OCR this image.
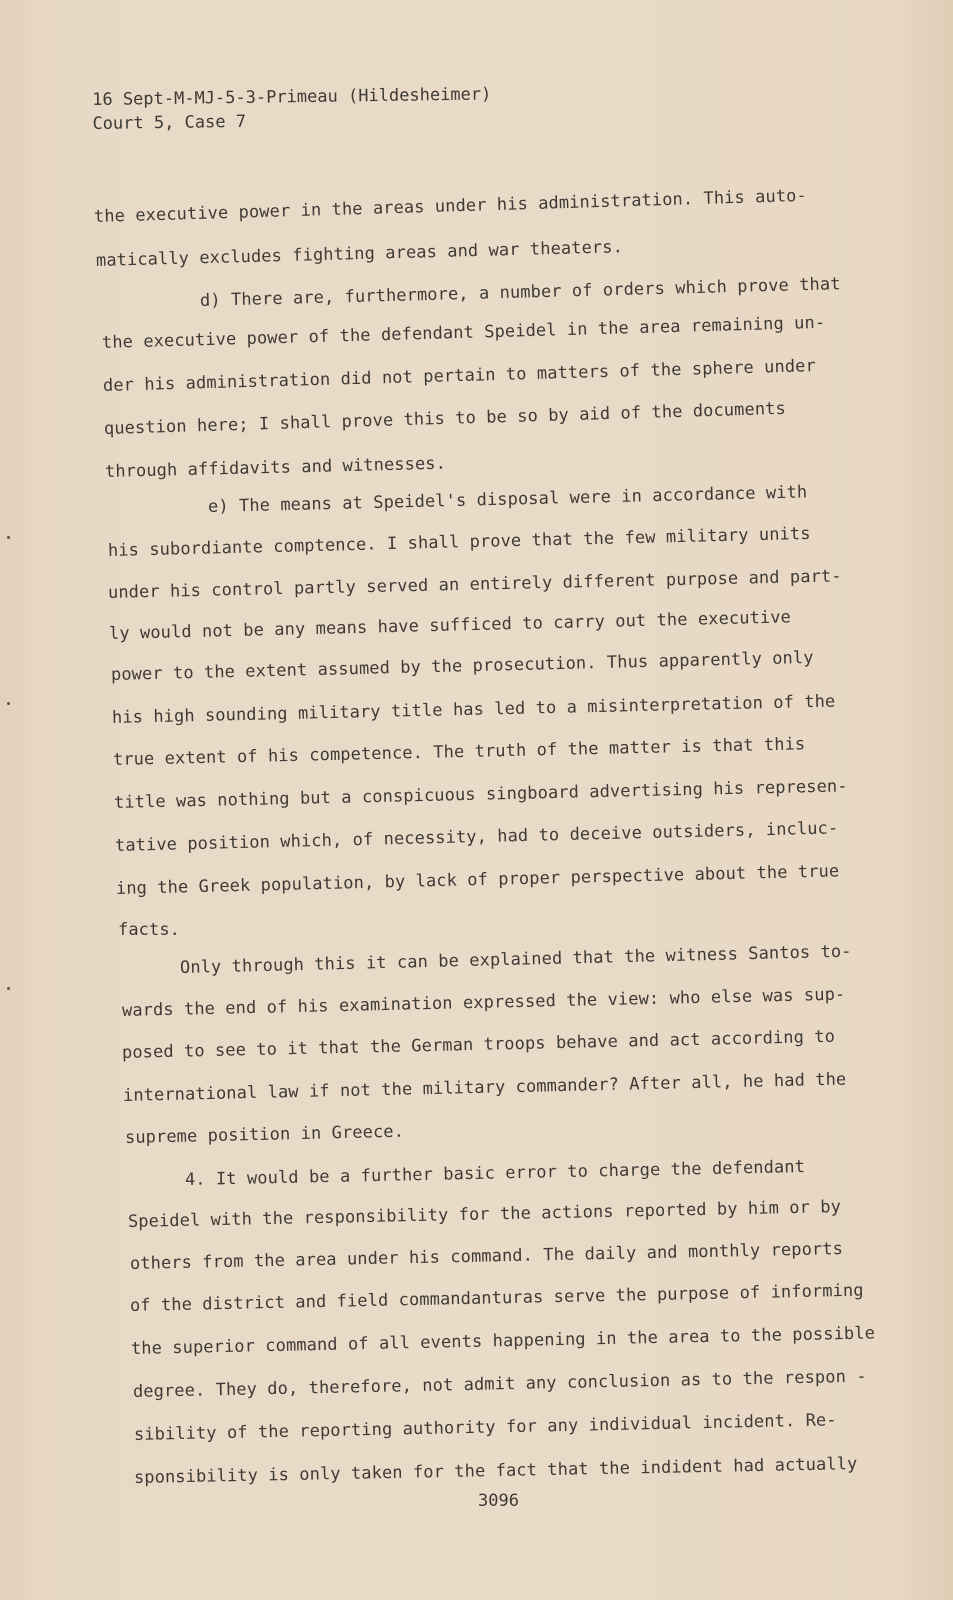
16 Sept-M-MJ-5-3-Primeau (Hildesheimer)
Court 5, Case 7
the executive power in the areas under his administration. This auto-
matically excludes fighting areas and war theaters.
d) There are, furthermore, a number of orders which prove that
the executive power of the defendant Speidel in the area remaining un-
der his administration did not pertain to matters of the sphere under
question here; I shall prove this to be so by aid of the documents
through affidavits and witnesses.
e) The means at Speidel's disposal were in accordance with
his subordiante comptence. I shall prove that the few military units
under his control partly served an entirely different purpose and part-
ly would not be any means have sufficed to carry out the executive
power to the extent assumed by the prosecution. Thus apparently only
his high sounding military title has led to a misinterpretation of the
true extent of his competence. The truth of the matter is that this
title was nothing but a conspicuous singboard advertising his represen-
tative position which, of necessity, had to deceive outsiders, incluc-
ing the Greek population, by lack of proper perspective about the true
facts.
Only through this it can be explained that the witness Santos to-
wards the end of his examination expressed the view: who else was sup-
posed to see to it that the German troops behave and act according to
international law if not the military commander? After all, he had the
supreme position in Greece.
4. It would be a further basic error to charge the defendant
Speidel with the responsibility for the actions reported by him or by
others from the area under his command. The daily and monthly reports
of the district and field commandanturas serve the purpose of informing
the superior command of all events happening in the area to the possible
degree. They do, therefore, not admit any conclusion as to the respon -
sibility of the reporting authority for any individual incident. Re-
sponsibility is only taken for the fact that the indident had actually
3096
